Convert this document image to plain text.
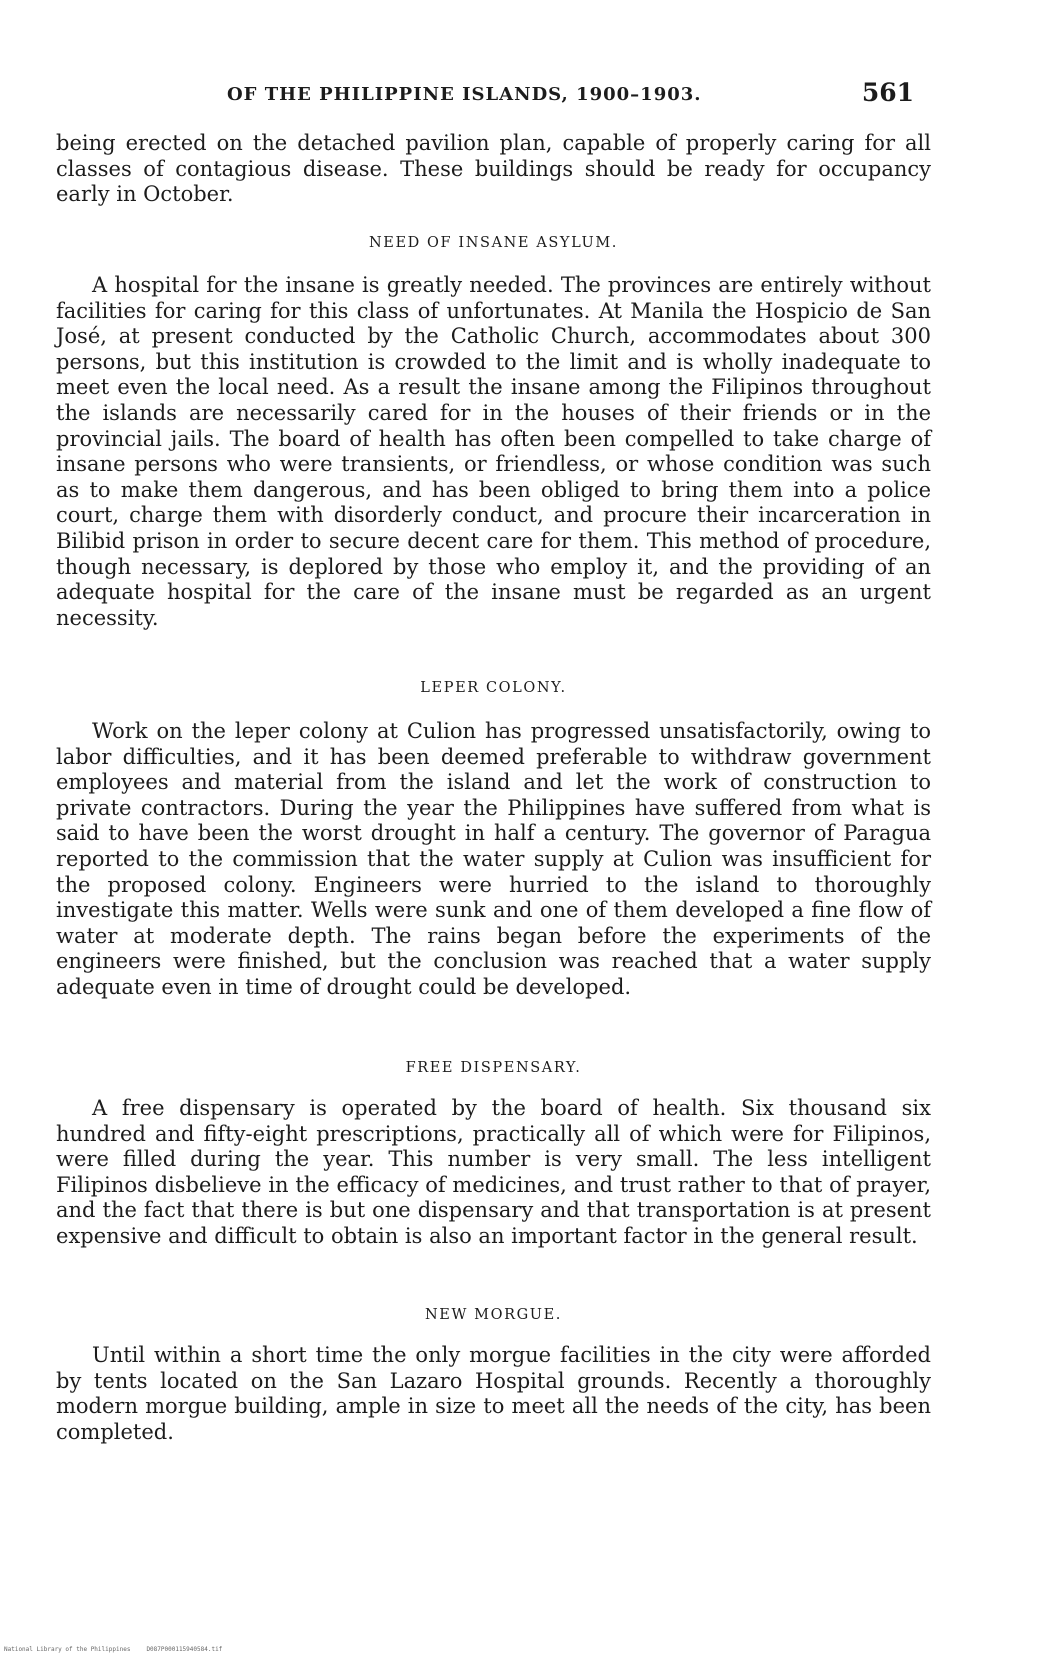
OF THE PHILIPPINE ISLANDS, 1900–1903.	561

being erected on the detached pavilion plan, capable of properly caring for all classes of contagious disease. These buildings should be ready for occupancy early in October.

NEED OF INSANE ASYLUM.

A hospital for the insane is greatly needed. The provinces are entirely without facilities for caring for this class of unfortunates. At Manila the Hospicio de San José, at present conducted by the Catholic Church, accommodates about 300 persons, but this institution is crowded to the limit and is wholly inadequate to meet even the local need. As a result the insane among the Filipinos throughout the islands are necessarily cared for in the houses of their friends or in the provincial jails. The board of health has often been compelled to take charge of insane persons who were transients, or friendless, or whose condition was such as to make them dangerous, and has been obliged to bring them into a police court, charge them with disorderly conduct, and procure their incarceration in Bilibid prison in order to secure decent care for them. This method of procedure, though necessary, is deplored by those who employ it, and the providing of an adequate hospital for the care of the insane must be regarded as an urgent necessity.

LEPER COLONY.

Work on the leper colony at Culion has progressed unsatisfactorily, owing to labor difficulties, and it has been deemed preferable to withdraw government employees and material from the island and let the work of construction to private contractors. During the year the Philippines have suffered from what is said to have been the worst drought in half a century. The governor of Paragua reported to the commission that the water supply at Culion was insufficient for the proposed colony. Engineers were hurried to the island to thoroughly investigate this matter. Wells were sunk and one of them developed a fine flow of water at moderate depth. The rains began before the experiments of the engineers were finished, but the conclusion was reached that a water supply adequate even in time of drought could be developed.

FREE DISPENSARY.

A free dispensary is operated by the board of health. Six thousand six hundred and fifty-eight prescriptions, practically all of which were for Filipinos, were filled during the year. This number is very small. The less intelligent Filipinos disbelieve in the efficacy of medicines, and trust rather to that of prayer, and the fact that there is but one dispensary and that transportation is at present expensive and difficult to obtain is also an important factor in the general result.

NEW MORGUE.

Until within a short time the only morgue facilities in the city were afforded by tents located on the San Lazaro Hospital grounds. Recently a thoroughly modern morgue building, ample in size to meet all the needs of the city, has been completed.

National Library of the Philippines	D087P000115940584.tif
